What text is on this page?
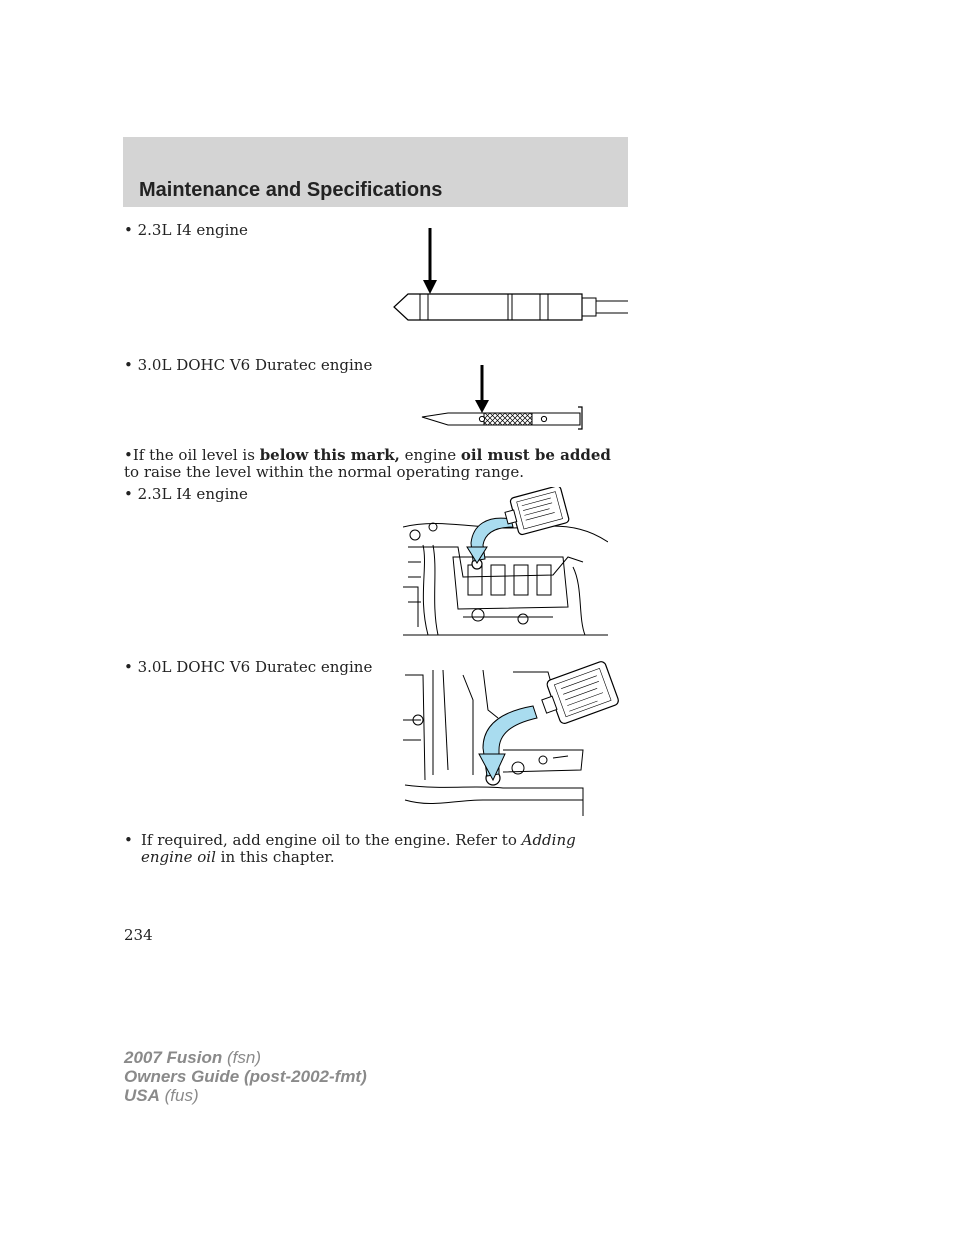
Maintenance and Specifications
• 2.3L I4 engine
• 3.0L DOHC V6 Duratec engine
•If the oil level is below this mark, engine oil must be added to raise the level within the normal operating range.
• 2.3L I4 engine
• 3.0L DOHC V6 Duratec engine
• If required, add engine oil to the engine. Refer to Adding engine oil in this chapter.
234
2007 Fusion (fsn)
Owners Guide (post-2002-fmt)
USA (fus)
